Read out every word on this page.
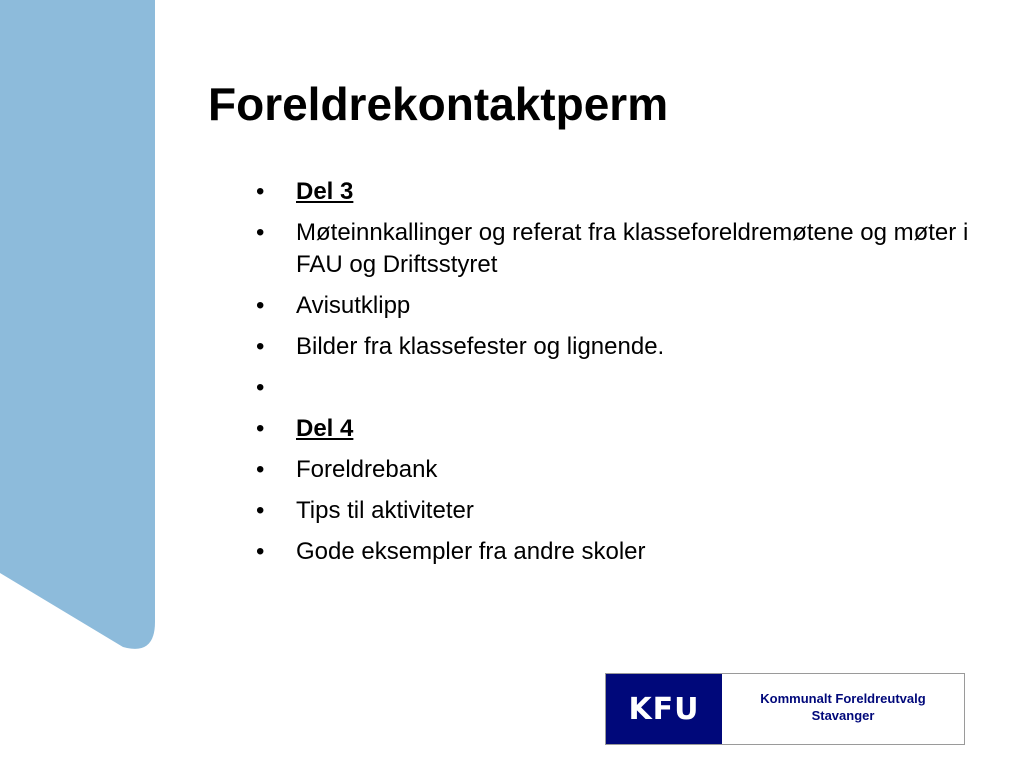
Foreldrekontaktperm
•	Del 3
•	Møteinnkallinger og referat fra klasseforeldremøtene og møter i FAU og Driftsstyret
•	Avisutklipp
•	Bilder fra klassefester og lignende.
•
•	Del 4
•	Foreldrebank
•	Tips til aktiviteter
•	Gode eksempler fra andre skoler
KFU	Kommunalt Foreldreutvalg
Stavanger
